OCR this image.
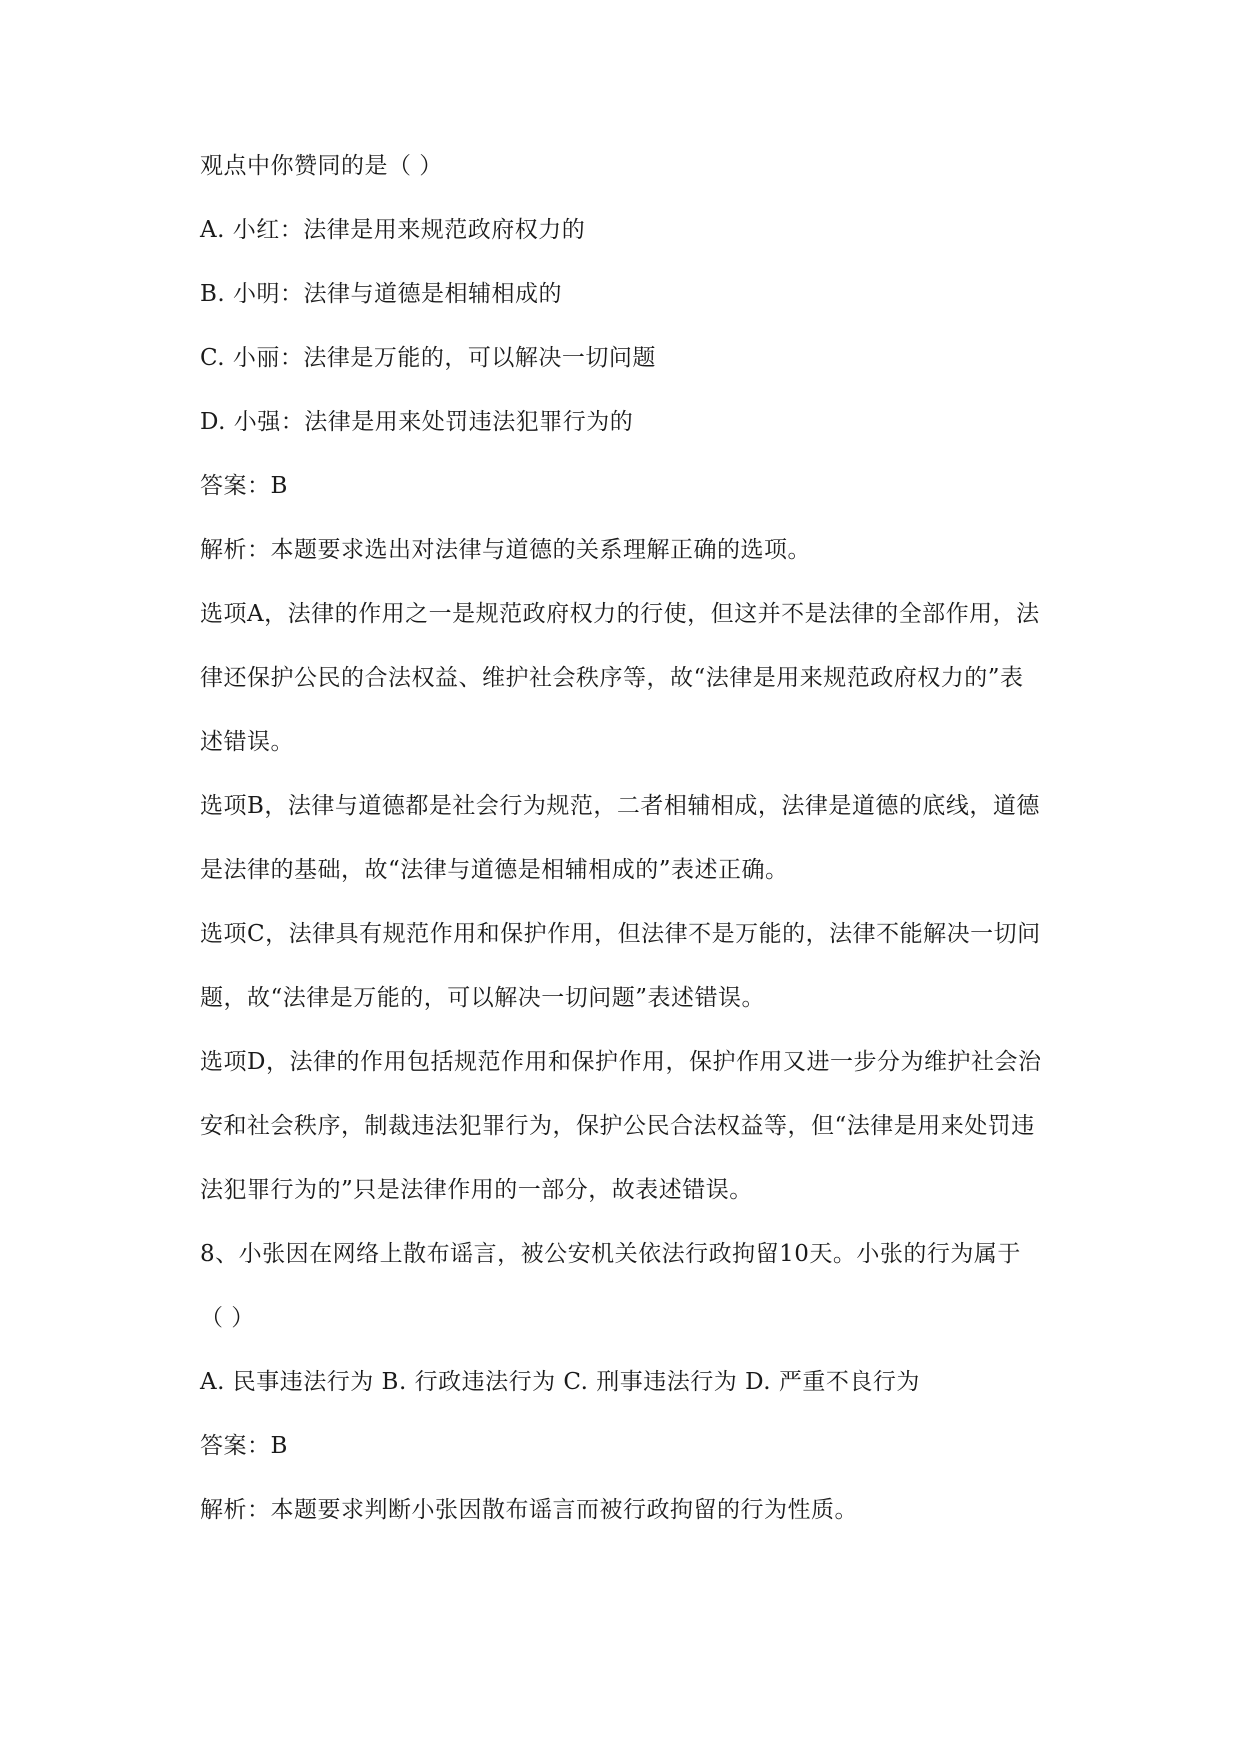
观点中你赞同的是（ ）
A. 小红：法律是用来规范政府权力的
B. 小明：法律与道德是相辅相成的
C. 小丽：法律是万能的，可以解决一切问题
D. 小强：法律是用来处罚违法犯罪行为的
答案：B
解析：本题要求选出对法律与道德的关系理解正确的选项。
选项A，法律的作用之一是规范政府权力的行使，但这并不是法律的全部作用，法
律还保护公民的合法权益、维护社会秩序等，故“法律是用来规范政府权力的”表
述错误。
选项B，法律与道德都是社会行为规范，二者相辅相成，法律是道德的底线，道德
是法律的基础，故“法律与道德是相辅相成的”表述正确。
选项C，法律具有规范作用和保护作用，但法律不是万能的，法律不能解决一切问
题，故“法律是万能的，可以解决一切问题”表述错误。
选项D，法律的作用包括规范作用和保护作用，保护作用又进一步分为维护社会治
安和社会秩序，制裁违法犯罪行为，保护公民合法权益等，但“法律是用来处罚违
法犯罪行为的”只是法律作用的一部分，故表述错误。
8、小张因在网络上散布谣言，被公安机关依法行政拘留10天。小张的行为属于
（ ）
A. 民事违法行为 B. 行政违法行为 C. 刑事违法行为 D. 严重不良行为
答案：B
解析：本题要求判断小张因散布谣言而被行政拘留的行为性质。
